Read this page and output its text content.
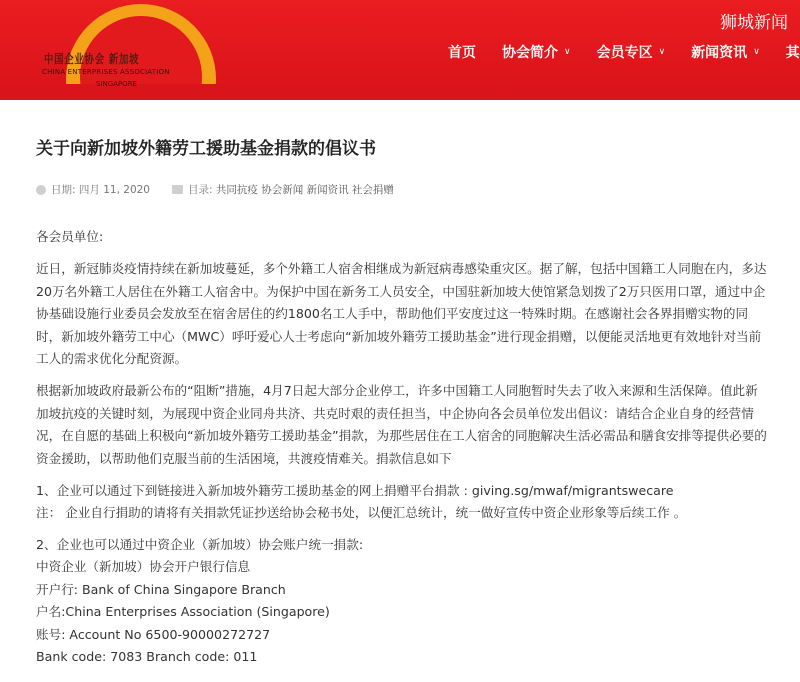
中国企业协会 新加坡
CHINA ENTERPRISES ASSOCIATION
SINGAPORE
狮城新闻
首页 协会简介 ∨ 会员专区 ∨ 新闻资讯 ∨ 其
关于向新加坡外籍劳工援助基金捐款的倡议书
日期:
四月 11, 2020	目录:
共同抗疫
协会新闻
新闻资讯
社会捐赠
各会员单位:
近日，新冠肺炎疫情持续在新加坡蔓延，多个外籍工人宿舍相继成为新冠病毒感染重灾区。据了解，包括中国籍工人同胞在内，多达20万名外籍工人居住在外籍工人宿舍中。为保护中国在新务工人员安全，中国驻新加坡大使馆紧急划拨了2万只医用口罩，通过中企协基础设施行业委员会发放至在宿舍居住的约1800名工人手中，帮助他们平安度过这一特殊时期。在感谢社会各界捐赠实物的同时，新加坡外籍劳工中心（MWC）呼吁爱心人士考虑向“新加坡外籍劳工援助基金”进行现金捐赠，以便能灵活地更有效地针对当前工人的需求优化分配资源。
根据新加坡政府最新公布的“阻断”措施，4月7日起大部分企业停工，许多中国籍工人同胞暂时失去了收入来源和生活保障。值此新加坡抗疫的关键时刻，为展现中资企业同舟共济、共克时艰的责任担当，中企协向各会员单位发出倡议：请结合企业自身的经营情况，在自愿的基础上积极向“新加坡外籍劳工援助基金”捐款，为那些居住在工人宿舍的同胞解决生活必需品和膳食安排等提供必要的资金援助，以帮助他们克服当前的生活困境，共渡疫情难关。捐款信息如下
1、企业可以通过下到链接进入新加坡外籍劳工援助基金的网上捐赠平台捐款 : giving.sg/mwaf/migrantswecare
注： 企业自行捐助的请将有关捐款凭证抄送给协会秘书处，以便汇总统计，统一做好宣传中资企业形象等后续工作 。
2、企业也可以通过中资企业（新加坡）协会账户统一捐款:
中资企业（新加坡）协会开户银行信息
开户行: Bank of China Singapore Branch
户名:China Enterprises Association (Singapore)
账号: Account No 6500-90000272727
Bank code: 7083 Branch code: 011
